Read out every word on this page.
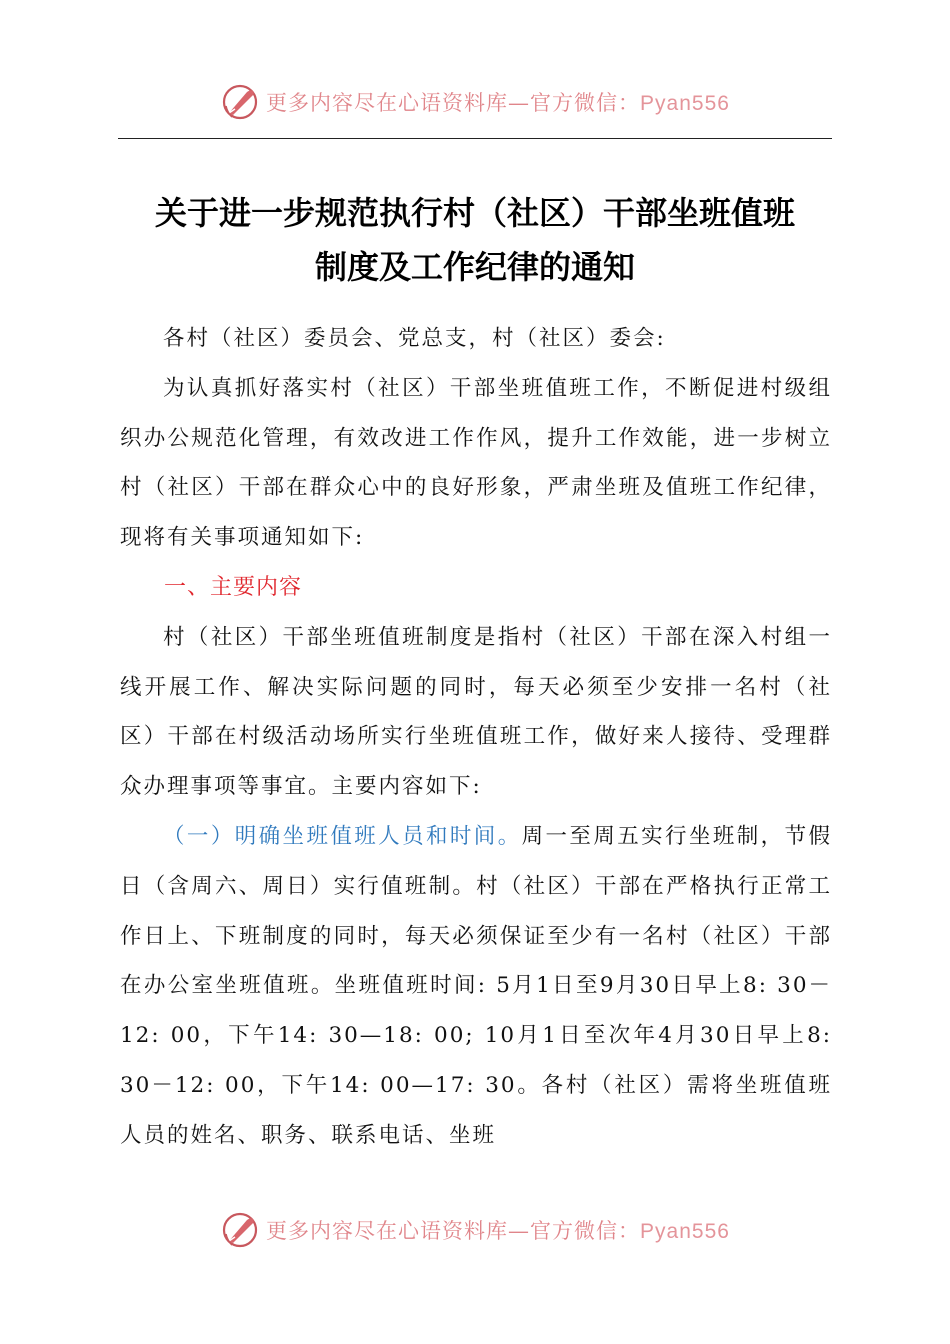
更多内容尽在心语资料库—官方微信：Pyan556
关于进一步规范执行村（社区）干部坐班值班
制度及工作纪律的通知

各村（社区）委员会、党总支，村（社区）委会:

为认真抓好落实村（社区）干部坐班值班工作，不断促进村级组织办公规范化管理，有效改进工作作风，提升工作效能，进一步树立村（社区）干部在群众心中的良好形象，严肃坐班及值班工作纪律，现将有关事项通知如下:

一、主要内容

村（社区）干部坐班值班制度是指村（社区）干部在深入村组一线开展工作、解决实际问题的同时，每天必须至少安排一名村（社区）干部在村级活动场所实行坐班值班工作，做好来人接待、受理群众办理事项等事宜。主要内容如下:

（一）明确坐班值班人员和时间。周一至周五实行坐班制，节假日（含周六、周日）实行值班制。村（社区）干部在严格执行正常工作日上、下班制度的同时，每天必须保证至少有一名村（社区）干部在办公室坐班值班。坐班值班时间: 5月1日至9月30日早上8: 30－12: 00，下午14: 30—18: 00; 10月1日至次年4月30日早上8: 30－12: 00，下午14: 00—17: 30。各村（社区）需将坐班值班人员的姓名、职务、联系电话、坐班

更多内容尽在心语资料库—官方微信：Pyan556
